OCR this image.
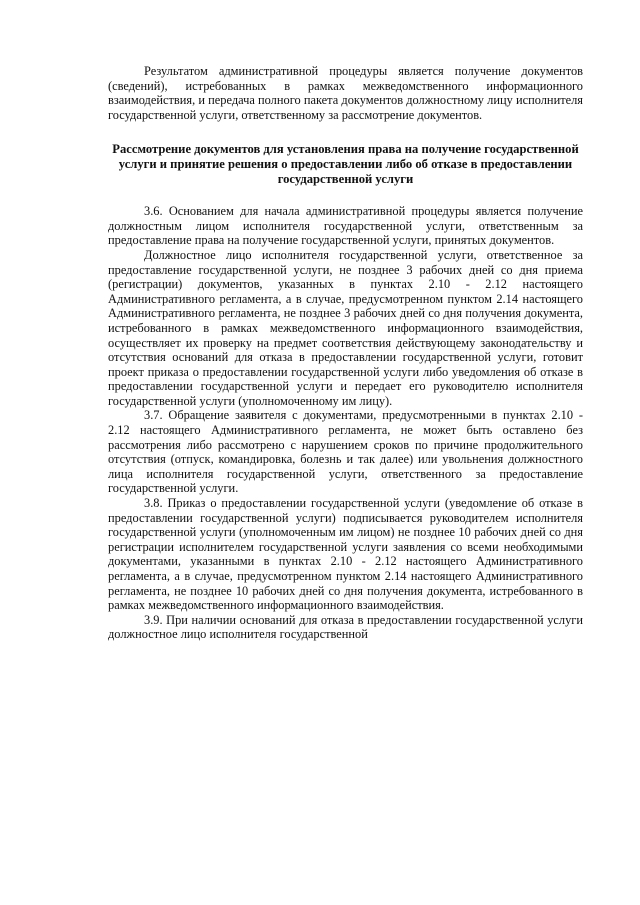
Результатом административной процедуры является получение документов (сведений), истребованных в рамках межведомственного информационного взаимодействия, и передача полного пакета документов должностному лицу исполнителя государственной услуги, ответственному за рассмотрение документов.

Рассмотрение документов для установления права на получение государственной услуги и принятие решения о предоставлении либо об отказе в предоставлении государственной услуги

3.6. Основанием для начала административной процедуры является получение должностным лицом исполнителя государственной услуги, ответственным за предоставление права на получение государственной услуги, принятых документов.

Должностное лицо исполнителя государственной услуги, ответственное за предоставление государственной услуги, не позднее 3 рабочих дней со дня приема (регистрации) документов, указанных в пунктах 2.10 - 2.12 настоящего Административного регламента, а в случае, предусмотренном пунктом 2.14 настоящего Административного регламента, не позднее 3 рабочих дней со дня получения документа, истребованного в рамках межведомственного информационного взаимодействия, осуществляет их проверку на предмет соответствия действующему законодательству и отсутствия оснований для отказа в предоставлении государственной услуги, готовит проект приказа о предоставлении государственной услуги либо уведомления об отказе в предоставлении государственной услуги и передает его руководителю исполнителя государственной услуги (уполномоченному им лицу).

3.7. Обращение заявителя с документами, предусмотренными в пунктах 2.10 - 2.12 настоящего Административного регламента, не может быть оставлено без рассмотрения либо рассмотрено с нарушением сроков по причине продолжительного отсутствия (отпуск, командировка, болезнь и так далее) или увольнения должностного лица исполнителя государственной услуги, ответственного за предоставление государственной услуги.

3.8. Приказ о предоставлении государственной услуги (уведомление об отказе в предоставлении государственной услуги) подписывается руководителем исполнителя государственной услуги (уполномоченным им лицом) не позднее 10 рабочих дней со дня регистрации исполнителем государственной услуги заявления со всеми необходимыми документами, указанными в пунктах 2.10 - 2.12 настоящего Административного регламента, а в случае, предусмотренном пунктом 2.14 настоящего Административного регламента, не позднее 10 рабочих дней со дня получения документа, истребованного в рамках межведомственного информационного взаимодействия.

3.9. При наличии оснований для отказа в предоставлении государственной услуги должностное лицо исполнителя государственной
